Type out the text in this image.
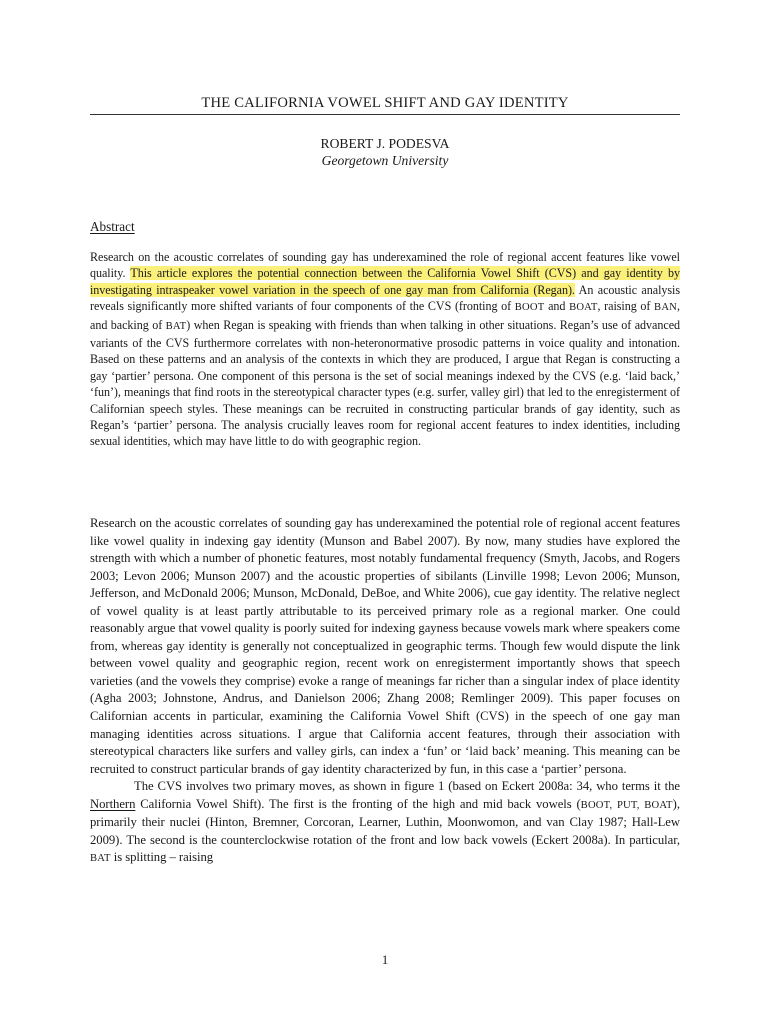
THE CALIFORNIA VOWEL SHIFT AND GAY IDENTITY
ROBERT J. PODESVA
Georgetown University
Abstract
Research on the acoustic correlates of sounding gay has underexamined the role of regional accent features like vowel quality. This article explores the potential connection between the California Vowel Shift (CVS) and gay identity by investigating intraspeaker vowel variation in the speech of one gay man from California (Regan). An acoustic analysis reveals significantly more shifted variants of four components of the CVS (fronting of BOOT and BOAT, raising of BAN, and backing of BAT) when Regan is speaking with friends than when talking in other situations. Regan’s use of advanced variants of the CVS furthermore correlates with non-heteronormative prosodic patterns in voice quality and intonation. Based on these patterns and an analysis of the contexts in which they are produced, I argue that Regan is constructing a gay ‘partier’ persona. One component of this persona is the set of social meanings indexed by the CVS (e.g. ‘laid back,’ ‘fun’), meanings that find roots in the stereotypical character types (e.g. surfer, valley girl) that led to the enregisterment of Californian speech styles. These meanings can be recruited in constructing particular brands of gay identity, such as Regan’s ‘partier’ persona. The analysis crucially leaves room for regional accent features to index identities, including sexual identities, which may have little to do with geographic region.

Research on the acoustic correlates of sounding gay has underexamined the potential role of regional accent features like vowel quality in indexing gay identity (Munson and Babel 2007). By now, many studies have explored the strength with which a number of phonetic features, most notably fundamental frequency (Smyth, Jacobs, and Rogers 2003; Levon 2006; Munson 2007) and the acoustic properties of sibilants (Linville 1998; Levon 2006; Munson, Jefferson, and McDonald 2006; Munson, McDonald, DeBoe, and White 2006), cue gay identity. The relative neglect of vowel quality is at least partly attributable to its perceived primary role as a regional marker. One could reasonably argue that vowel quality is poorly suited for indexing gayness because vowels mark where speakers come from, whereas gay identity is generally not conceptualized in geographic terms. Though few would dispute the link between vowel quality and geographic region, recent work on enregisterment importantly shows that speech varieties (and the vowels they comprise) evoke a range of meanings far richer than a singular index of place identity (Agha 2003; Johnstone, Andrus, and Danielson 2006; Zhang 2008; Remlinger 2009). This paper focuses on Californian accents in particular, examining the California Vowel Shift (CVS) in the speech of one gay man managing identities across situations. I argue that California accent features, through their association with stereotypical characters like surfers and valley girls, can index a ‘fun’ or ‘laid back’ meaning. This meaning can be recruited to construct particular brands of gay identity characterized by fun, in this case a ‘partier’ persona.

The CVS involves two primary moves, as shown in figure 1 (based on Eckert 2008a: 34, who terms it the Northern California Vowel Shift). The first is the fronting of the high and mid back vowels (BOOT, PUT, BOAT), primarily their nuclei (Hinton, Bremner, Corcoran, Learner, Luthin, Moonwomon, and van Clay 1987; Hall-Lew 2009). The second is the counterclockwise rotation of the front and low back vowels (Eckert 2008a). In particular, BAT is splitting – raising

1
